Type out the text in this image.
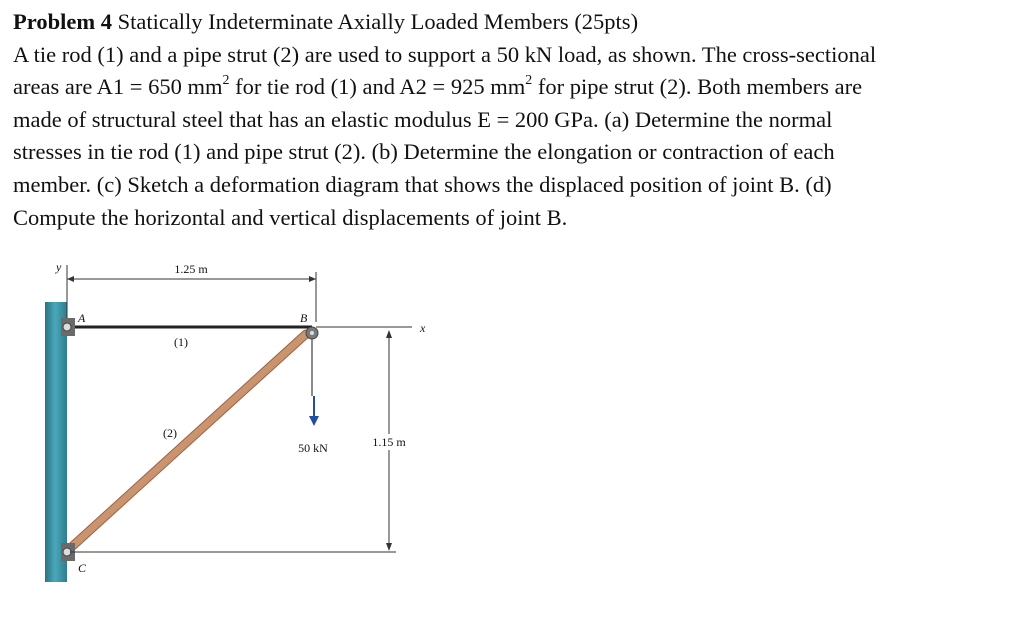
Problem 4 Statically Indeterminate Axially Loaded Members (25pts)

A tie rod (1) and a pipe strut (2) are used to support a 50 kN load, as shown. The cross-sectional

areas are A1 = 650 $mm^2$ for tie rod (1) and A2 = 925 $mm^2$ for pipe strut (2). Both members are

made of structural steel that has an elastic modulus E = 200 GPa. (a) Determine the normal

stresses in tie rod (1) and pipe strut (2). (b) Determine the elongation or contraction of each

member. (c) Sketch a deformation diagram that shows the displaced position of joint B. (d)

Compute the horizontal and vertical displacements of joint B.

y	1.25 m
x
(1)
A
(2)
C
B
50 kN	1.15 m
